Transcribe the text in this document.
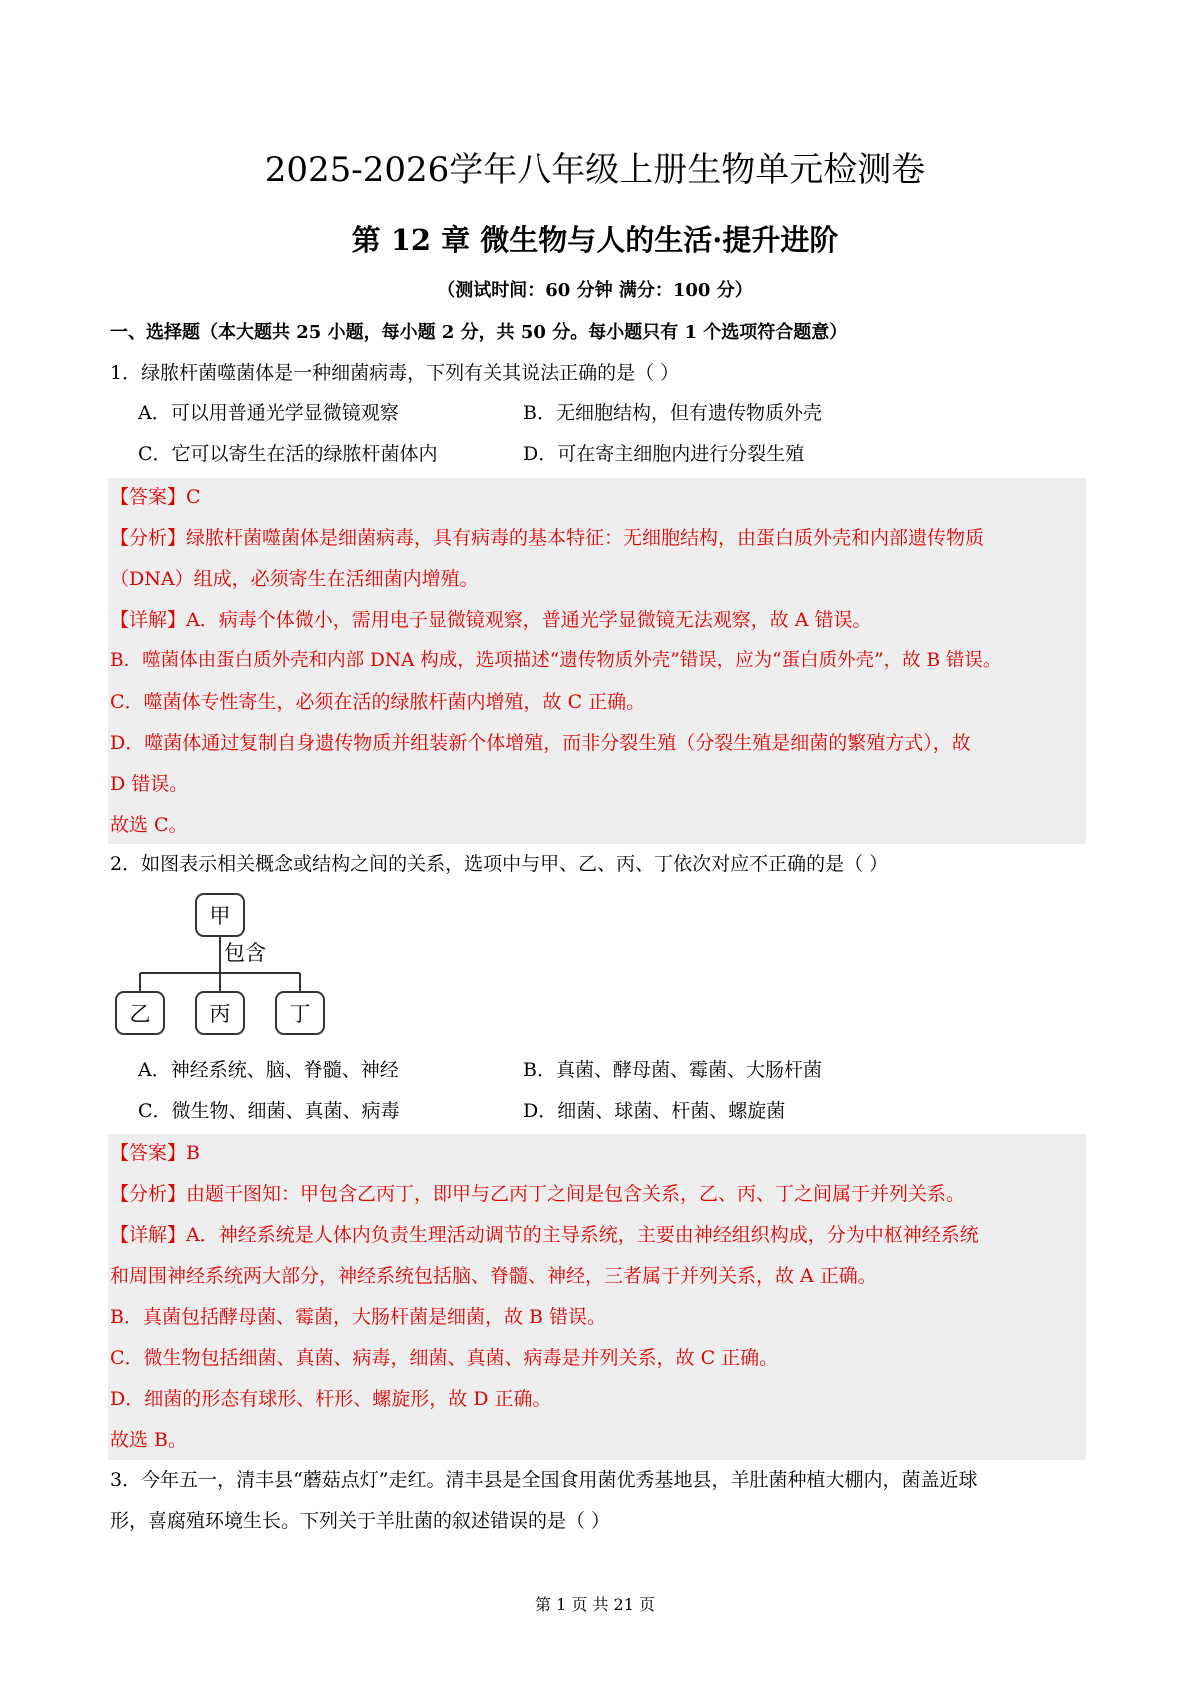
2025-2026学年八年级上册生物单元检测卷
第 12 章 微生物与人的生活·提升进阶
（测试时间：60 分钟 满分：100 分）
一、选择题（本大题共 25 小题，每小题 2 分，共 50 分。每小题只有 1 个选项符合题意）
1．绿脓杆菌噬菌体是一种细菌病毒，下列有关其说法正确的是（ ）
A．可以用普通光学显微镜观察	B．无细胞结构，但有遗传物质外壳
C．它可以寄生在活的绿脓杆菌体内	D．可在寄主细胞内进行分裂生殖
【答案】C
【分析】绿脓杆菌噬菌体是细菌病毒，具有病毒的基本特征：无细胞结构，由蛋白质外壳和内部遗传物质
（DNA）组成，必须寄生在活细菌内增殖。
【详解】A．病毒个体微小，需用电子显微镜观察，普通光学显微镜无法观察，故 A 错误。
B．噬菌体由蛋白质外壳和内部 DNA 构成，选项描述“遗传物质外壳”错误，应为“蛋白质外壳”，故 B 错误。
C．噬菌体专性寄生，必须在活的绿脓杆菌内增殖，故 C 正确。
D．噬菌体通过复制自身遗传物质并组装新个体增殖，而非分裂生殖（分裂生殖是细菌的繁殖方式），故
D 错误。
故选 C。
2．如图表示相关概念或结构之间的关系，选项中与甲、乙、丙、丁依次对应不正确的是（ ）
甲
包含
乙	丙	丁
A．神经系统、脑、脊髓、神经	B．真菌、酵母菌、霉菌、大肠杆菌
C．微生物、细菌、真菌、病毒	D．细菌、球菌、杆菌、螺旋菌
【答案】B
【分析】由题干图知：甲包含乙丙丁，即甲与乙丙丁之间是包含关系，乙、丙、丁之间属于并列关系。
【详解】A．神经系统是人体内负责生理活动调节的主导系统，主要由神经组织构成，分为中枢神经系统
和周围神经系统两大部分，神经系统包括脑、脊髓、神经，三者属于并列关系，故 A 正确。
B．真菌包括酵母菌、霉菌，大肠杆菌是细菌，故 B 错误。
C．微生物包括细菌、真菌、病毒，细菌、真菌、病毒是并列关系，故 C 正确。
D．细菌的形态有球形、杆形、螺旋形，故 D 正确。
故选 B。
3．今年五一，清丰县“蘑菇点灯”走红。清丰县是全国食用菌优秀基地县，羊肚菌种植大棚内，菌盖近球
形，喜腐殖环境生长。下列关于羊肚菌的叙述错误的是（ ）
第 1 页 共 21 页
